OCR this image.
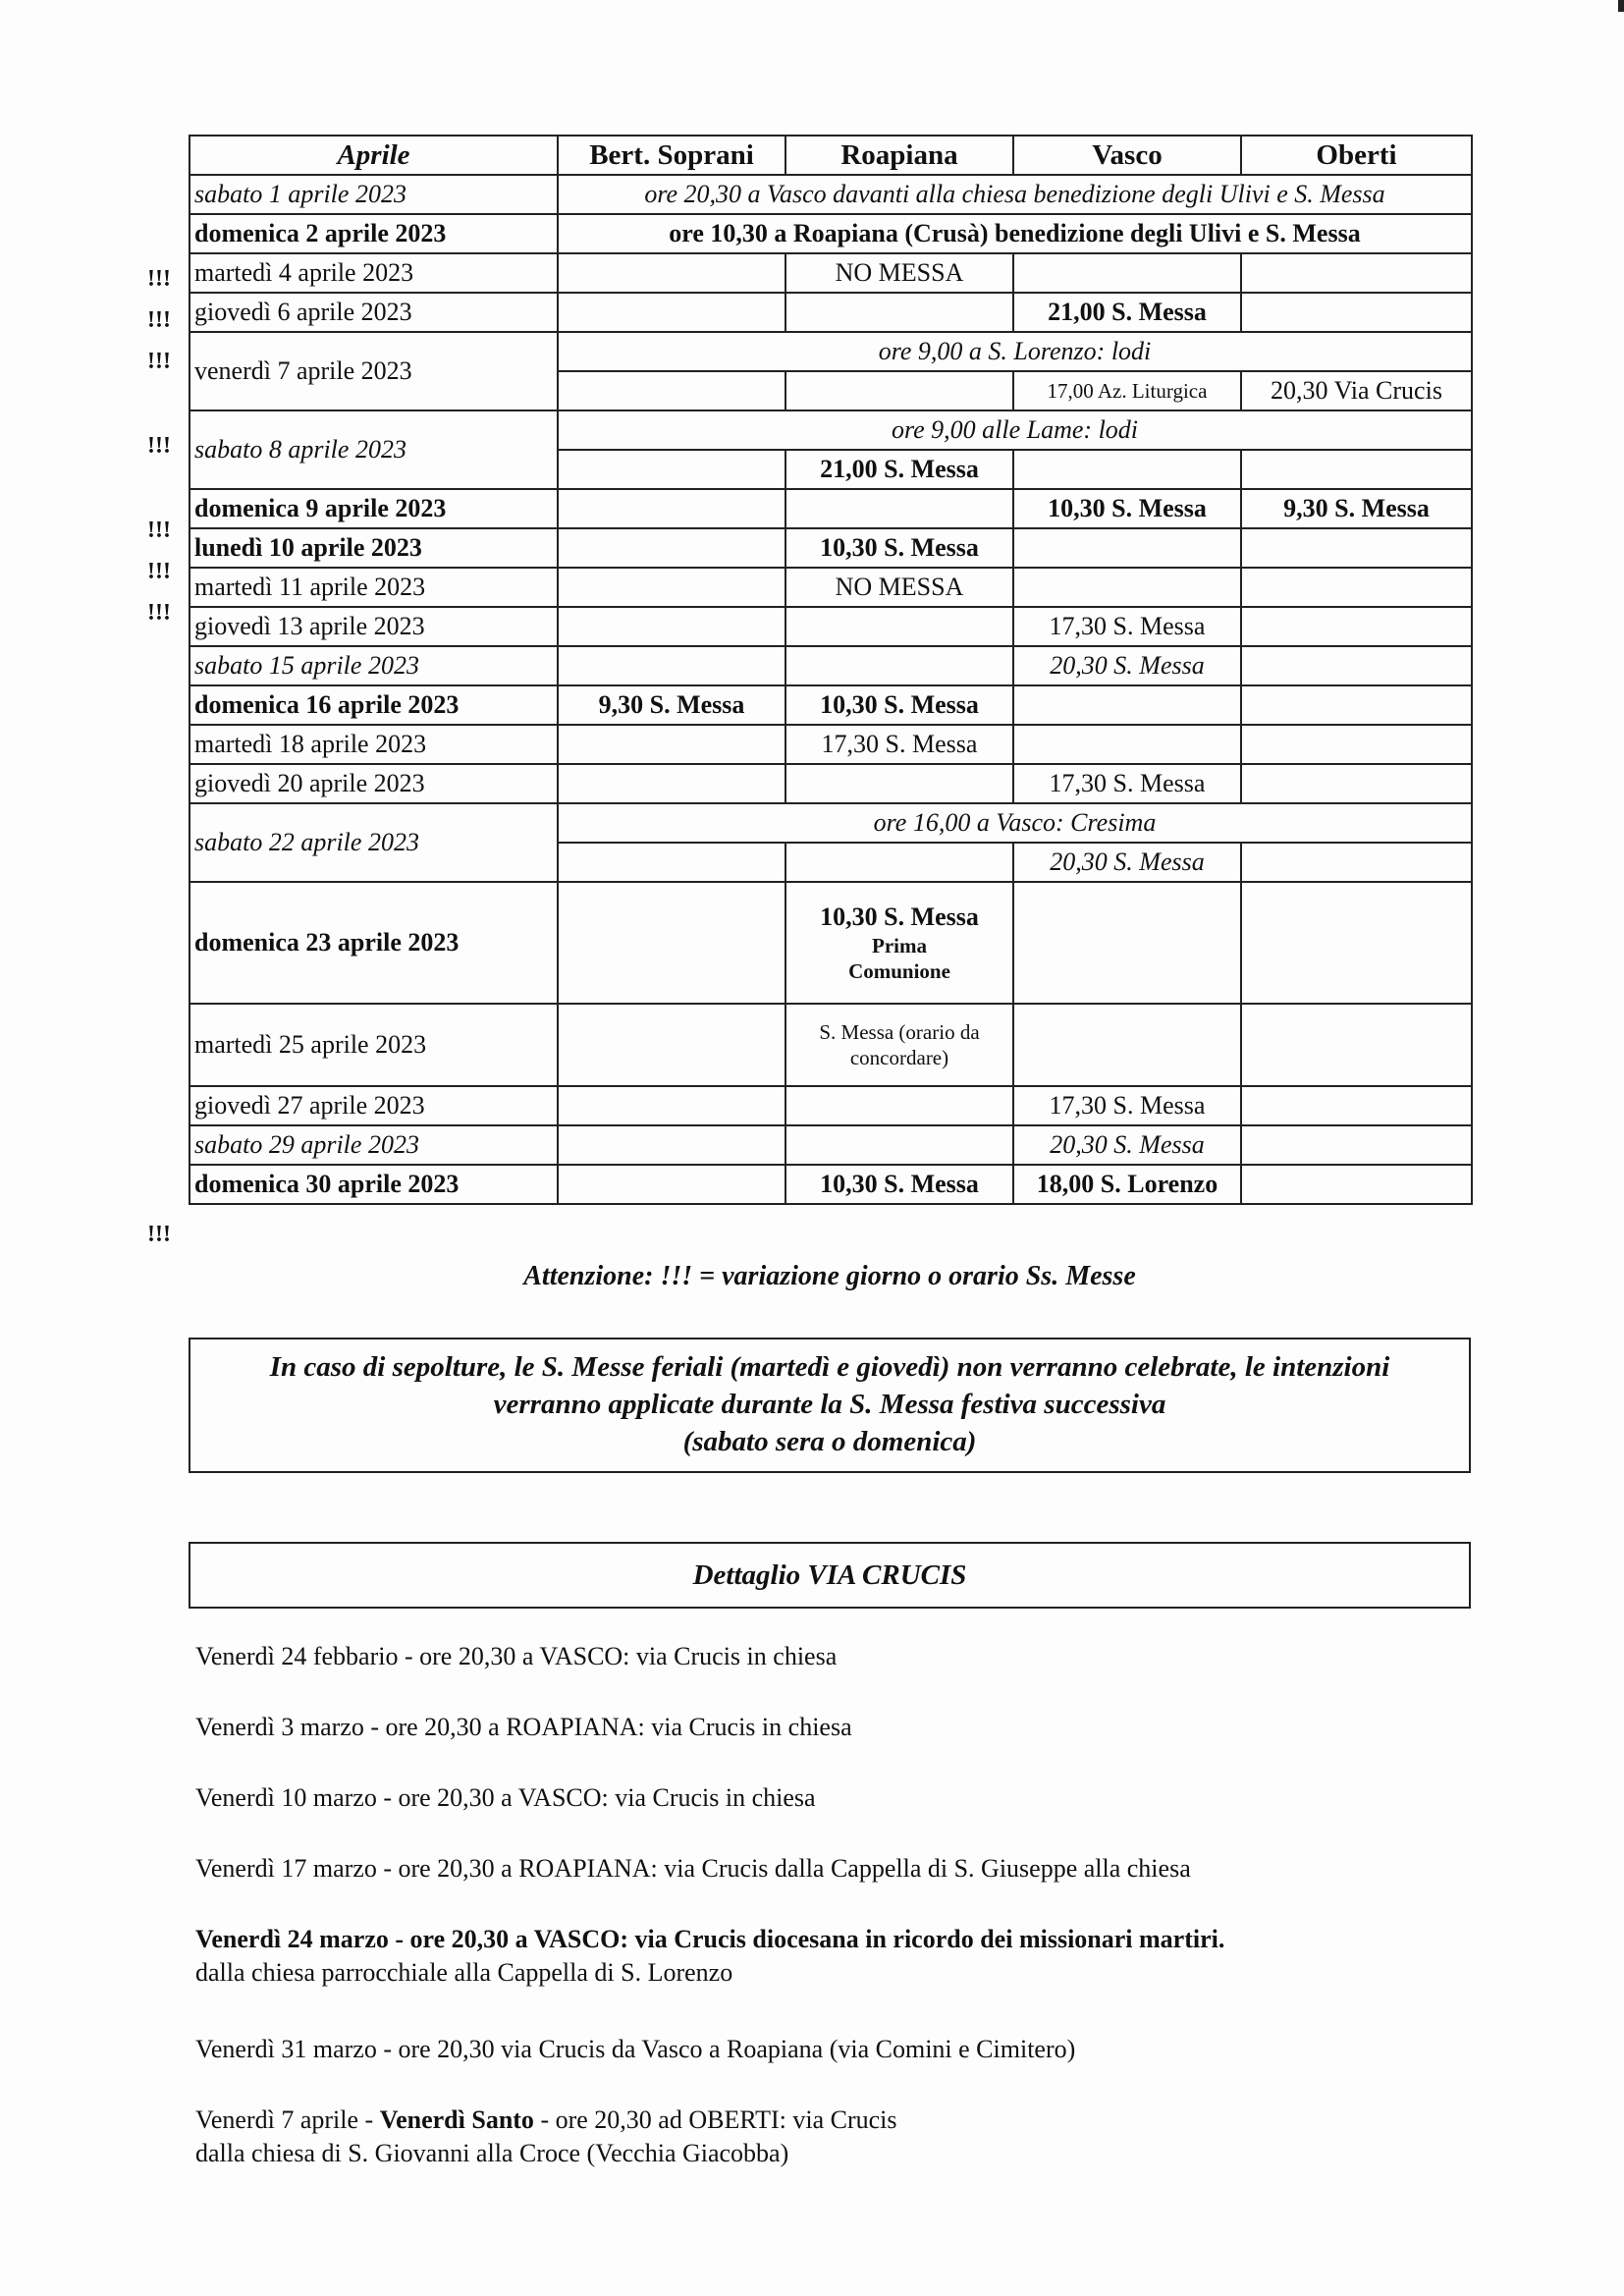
!!!
!!!
!!!
!!!
!!!
!!!
!!!
!!!
Aprile	Bert. Soprani	Roapiana	Vasco	Oberti
sabato 1 aprile 2023	ore 20,30 a Vasco davanti alla chiesa benedizione degli Ulivi e S. Messa			
domenica 2 aprile 2023	ore 10,30 a Roapiana (Crusà) benedizione degli Ulivi e S. Messa			
martedì 4 aprile 2023		NO MESSA		
giovedì 6 aprile 2023			21,00 S. Messa	
venerdì 7 aprile 2023	ore 9,00 a S. Lorenzo: lodi			
			17,00 Az. Liturgica	20,30 Via Crucis
sabato 8 aprile 2023	ore 9,00 alle Lame: lodi			
		21,00 S. Messa		
domenica 9 aprile 2023			10,30 S. Messa	9,30 S. Messa
lunedì 10 aprile 2023		10,30 S. Messa		
martedì 11 aprile 2023		NO MESSA		
giovedì 13 aprile 2023			17,30 S. Messa	
sabato 15 aprile 2023			20,30 S. Messa	
domenica 16 aprile 2023	9,30 S. Messa	10,30 S. Messa		
martedì 18 aprile 2023		17,30 S. Messa		
giovedì 20 aprile 2023			17,30 S. Messa	
sabato 22 aprile 2023	ore 16,00 a Vasco: Cresima			
			20,30 S. Messa	
domenica 23 aprile 2023		10,30 S. Messa
Prima
Comunione		

martedì 25 aprile 2023		S. Messa (orario da
concordare)		

giovedì 27 aprile 2023			17,30 S. Messa	
sabato 29 aprile 2023			20,30 S. Messa	
domenica 30 aprile 2023		10,30 S. Messa	18,00 S. Lorenzo	
Attenzione: !!! = variazione giorno o orario Ss. Messe
In caso di sepolture, le S. Messe feriali (martedì e giovedì) non verranno celebrate, le intenzioni
verranno applicate durante la S. Messa festiva successiva
(sabato sera o domenica)
Dettaglio VIA CRUCIS
Venerdì 24 febbario - ore 20,30 a VASCO: via Crucis in chiesa
Venerdì 3 marzo - ore 20,30 a ROAPIANA: via Crucis in chiesa
Venerdì 10 marzo - ore 20,30 a VASCO: via Crucis in chiesa
Venerdì 17 marzo - ore 20,30 a ROAPIANA: via Crucis dalla Cappella di S. Giuseppe alla chiesa
Venerdì 24 marzo - ore 20,30 a VASCO: via Crucis diocesana in ricordo dei missionari martiri.
dalla chiesa parrocchiale alla Cappella di S. Lorenzo
Venerdì 31 marzo - ore 20,30 via Crucis da Vasco a Roapiana (via Comini e Cimitero)
Venerdì 7 aprile - Venerdì Santo - ore 20,30 ad OBERTI: via Crucis
dalla chiesa di S. Giovanni alla Croce (Vecchia Giacobba)
